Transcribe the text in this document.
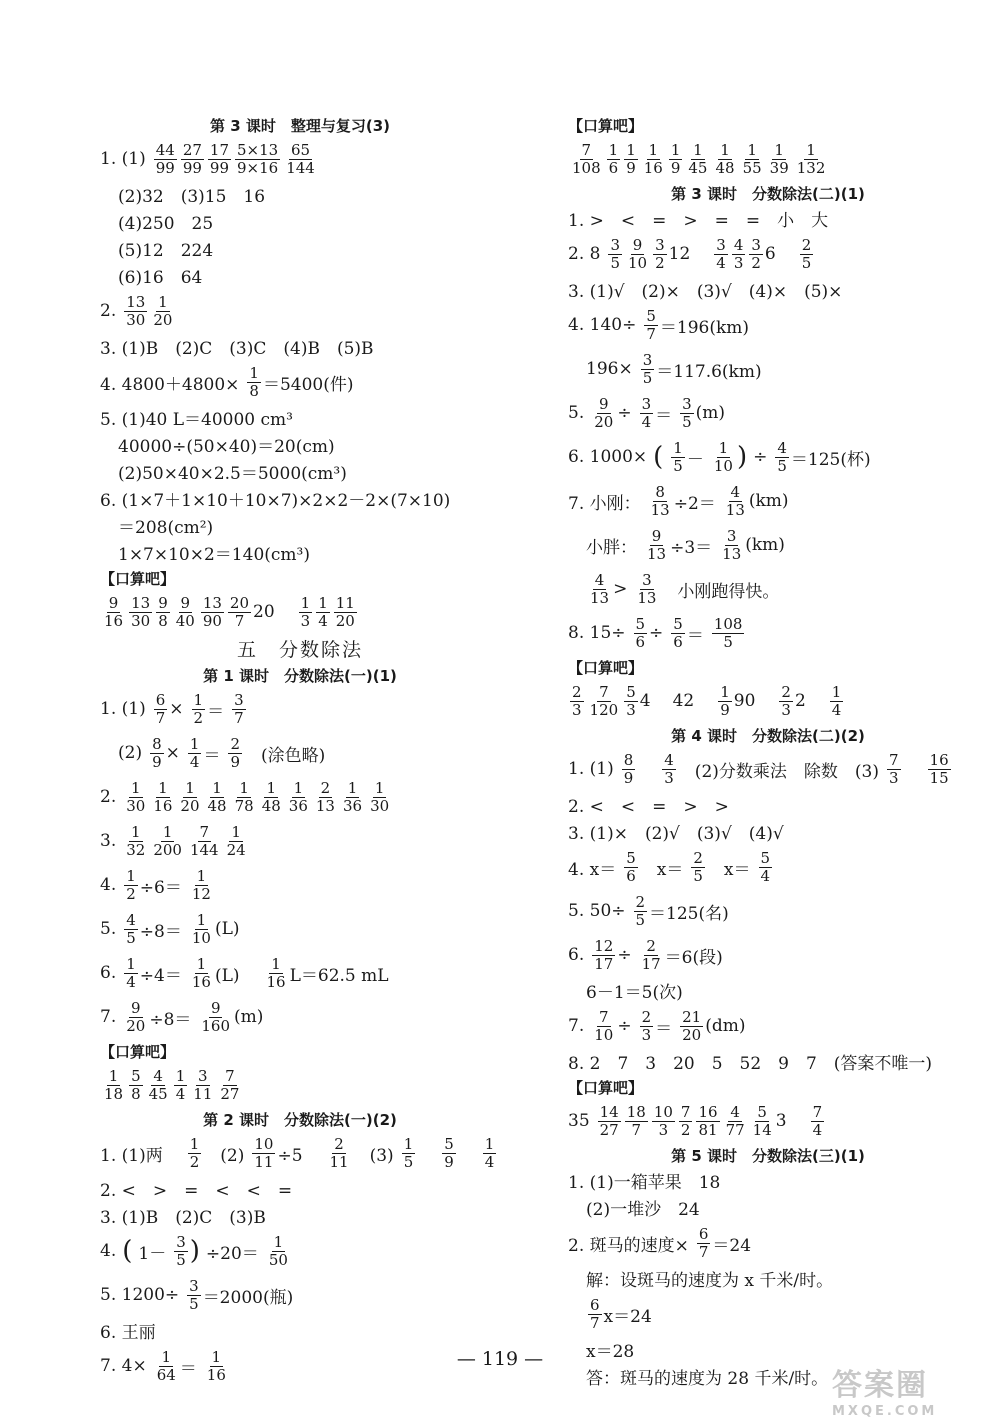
第 3 课时　整理与复习(3)
1. $(1) \frac{44}{99} \frac{27}{99} \frac{17}{99} \frac{5\times 13}{9\times 16} \frac{65}{144}$
(2)32　(3)15　16
(4)250　25
(5)12　224
(6)16　64
2. $\frac{13}{30} \frac{1}{20}$
3. (1)B　(2)C　(3)C　(4)B　(5)B
4. $4800+4800\times \frac{1}{8} =5400$(件)
5. (1)40 L＝40000 cm³
40000÷(50×40)＝20(cm)
(2)50×40×2.5＝5000(cm³)
6. (1×7＋1×10＋10×7)×2×2－2×(7×10)
＝208(cm²)
1×7×10×2＝140(cm³)
【口算吧】
$\frac{9}{16} \frac{13}{30} \frac{9}{8} \frac{9}{40} \frac{13}{90} \frac{20}{7} 20 \frac{1}{3} \frac{1}{4} \frac{11}{20}$
五　分数除法
第 1 课时　分数除法(一)(1)
1. $(1) \frac{6}{7} \times \frac{1}{2} = \frac{3}{7}$
$(2) \frac{8}{9} \times \frac{1}{4} = \frac{2}{9}$ 　(涂色略)
2. $\frac{1}{30} \frac{1}{16} \frac{1}{20} \frac{1}{48} \frac{1}{78} \frac{1}{48} \frac{1}{36} \frac{2}{13} \frac{1}{36} \frac{1}{30}$
3. $\frac{1}{32} \frac{1}{200} \frac{7}{144} \frac{1}{24}$
4. $\frac{1}{2} \div 6= \frac{1}{12}$
5. $\frac{4}{5} \div 8= \frac{1}{10} (L)$
6. $\frac{1}{4} \div 4= \frac{1}{16} (L)$　 $\frac{1}{16} L=62.5$ mL
7. $\frac{9}{20} \div 8= \frac{9}{160} (m)$
【口算吧】
$\frac{1}{18} \frac{5}{8} \frac{4}{45} \frac{1}{4} \frac{3}{11} \frac{7}{27}$
第 2 课时　分数除法(一)(2)
1. (1)两　 $\frac{1}{2}$ 　$(2) \frac{10}{11} \div 5$　 $\frac{2}{11}$ 　$(3) \frac{1}{5}$
　 $\frac{5}{9}$
　 $\frac{1}{4}$
2. <　>　=　<　<　=
3. (1)B　(2)C　(3)B
4. ( $1- \frac{3}{5}$ ) $\div 20= \frac{1}{50}$
5. $1200\div \frac{3}{5} =2000$(瓶)
6. 王丽
7. $4\times \frac{1}{64} = \frac{1}{16}$
【口算吧】
$\frac{7}{108} \frac{1}{6} \frac{1}{9} \frac{1}{16} \frac{1}{9} \frac{1}{45} \frac{1}{48} \frac{1}{55} \frac{1}{39} \frac{1}{132}$
第 3 课时　分数除法(二)(1)
1. >　<　=　>　=　=　小　大
2. $8 \frac{3}{5} \frac{9}{10} \frac{3}{2} 12 \frac{3}{4} \frac{4}{3} \frac{3}{2} 6 \frac{2}{5}$
3. (1)√　(2)×　(3)√　(4)×　(5)×
4. $140\div \frac{5}{7} =196(km)$
$196\times \frac{3}{5} =117.6(km)$
5. $\frac{9}{20} \div \frac{3}{4} = \frac{3}{5} (m)$
6. 1000× ( $\frac{1}{5} - \frac{1}{10}$ ) ÷ $\frac{4}{5} =125$(杯)
7. 小刚： $\frac{8}{13} \div 2= \frac{4}{13} (km)$
小胖： $\frac{9}{13} \div 3= \frac{3}{13} (km)$
$\frac{4}{13} > \frac{3}{13}$ 　小刚跑得快。
8. $15\div \frac{5}{6} \div \frac{5}{6} = \frac{108}{5}$
【口算吧】
$\frac{2}{3} \frac{7}{120} \frac{5}{3} 4$ $42 \frac{1}{9} 90 \frac{2}{3} 2 \frac{1}{4}$
第 4 课时　分数除法(二)(2)
1. $(1) \frac{8}{9}$
　 $\frac{4}{3}$ 　(2)分数乘法　除数　$(3) \frac{7}{3}$
　 $\frac{16}{15}$
2. <　<　=　>　>
3. (1)×　(2)√　(3)√　(4)√
4. $x= \frac{5}{6}$ 　$x= \frac{2}{5}$ 　$x= \frac{5}{4}$
5. $50\div \frac{2}{5} =125$(名)
6. $\frac{12}{17} \div \frac{2}{17} =6$(段)
6－1＝5(次)
7. $\frac{7}{10} \div \frac{2}{3} = \frac{21}{20} (dm)$
8. 2　7　3　20　5　52　9　7　(答案不唯一)
【口算吧】
$35 \frac{14}{27} \frac{18}{7} \frac{10}{3} \frac{7}{2} \frac{16}{81} \frac{4}{77} \frac{5}{14} 3 \frac{7}{4}$
第 5 课时　分数除法(三)(1)
1. (1)一箱苹果　18
(2)一堆沙　24
2. 斑马的速度× $\frac{6}{7} =24$
解：设斑马的速度为 x 千米/时。
$\frac{6}{7} x=24$
x＝28
答：斑马的速度为 28 千米/时。
— 119 —
答案圈
MXQE.COM
